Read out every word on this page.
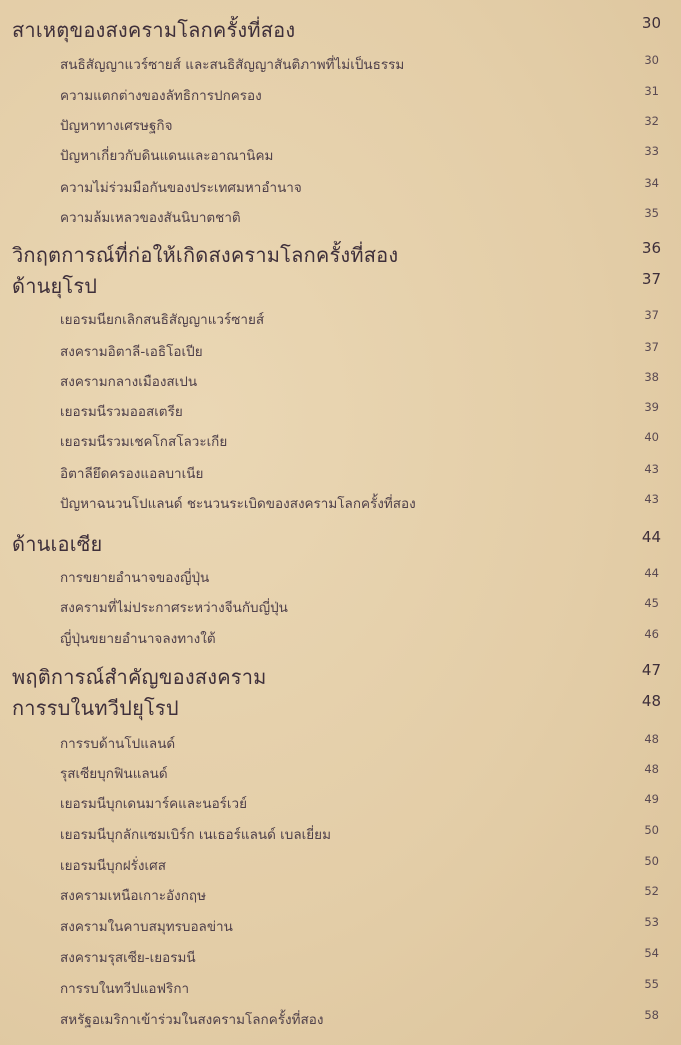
สาเหตุของสงครามโลกครั้งที่สอง	30
สนธิสัญญาแวร์ซายส์ และสนธิสัญญาสันติภาพที่ไม่เป็นธรรม	30
ความแตกต่างของลัทธิการปกครอง	31
ปัญหาทางเศรษฐกิจ	32
ปัญหาเกี่ยวกับดินแดนและอาณานิคม	33
ความไม่ร่วมมือกันของประเทศมหาอำนาจ	34
ความล้มเหลวของสันนิบาตชาติ	35
วิกฤตการณ์ที่ก่อให้เกิดสงครามโลกครั้งที่สอง	36
ด้านยุโรป	37
เยอรมนียกเลิกสนธิสัญญาแวร์ซายส์	37
สงครามอิตาลี-เอธิโอเปีย	37
สงครามกลางเมืองสเปน	38
เยอรมนีรวมออสเตรีย	39
เยอรมนีรวมเชคโกสโลวะเกีย	40
อิตาลียึดครองแอลบาเนีย	43
ปัญหาฉนวนโปแลนด์ ชะนวนระเบิดของสงครามโลกครั้งที่สอง	43
ด้านเอเซีย	44
การขยายอำนาจของญี่ปุ่น	44
สงครามที่ไม่ประกาศระหว่างจีนกับญี่ปุ่น	45
ญี่ปุ่นขยายอำนาจลงทางใต้	46
พฤติการณ์สำคัญของสงคราม	47
การรบในทวีปยุโรป	48
การรบด้านโปแลนด์	48
รุสเซียบุกฟินแลนด์	48
เยอรมนีบุกเดนมาร์คและนอร์เวย์	49
เยอรมนีบุกลักแซมเบิร์ก เนเธอร์แลนด์ เบลเยี่ยม	50
เยอรมนีบุกฝรั่งเศส	50
สงครามเหนือเกาะอังกฤษ	52
สงครามในคาบสมุทรบอลข่าน	53
สงครามรุสเซีย-เยอรมนี	54
การรบในทวีปแอฟริกา	55
สหรัฐอเมริกาเข้าร่วมในสงครามโลกครั้งที่สอง	58
